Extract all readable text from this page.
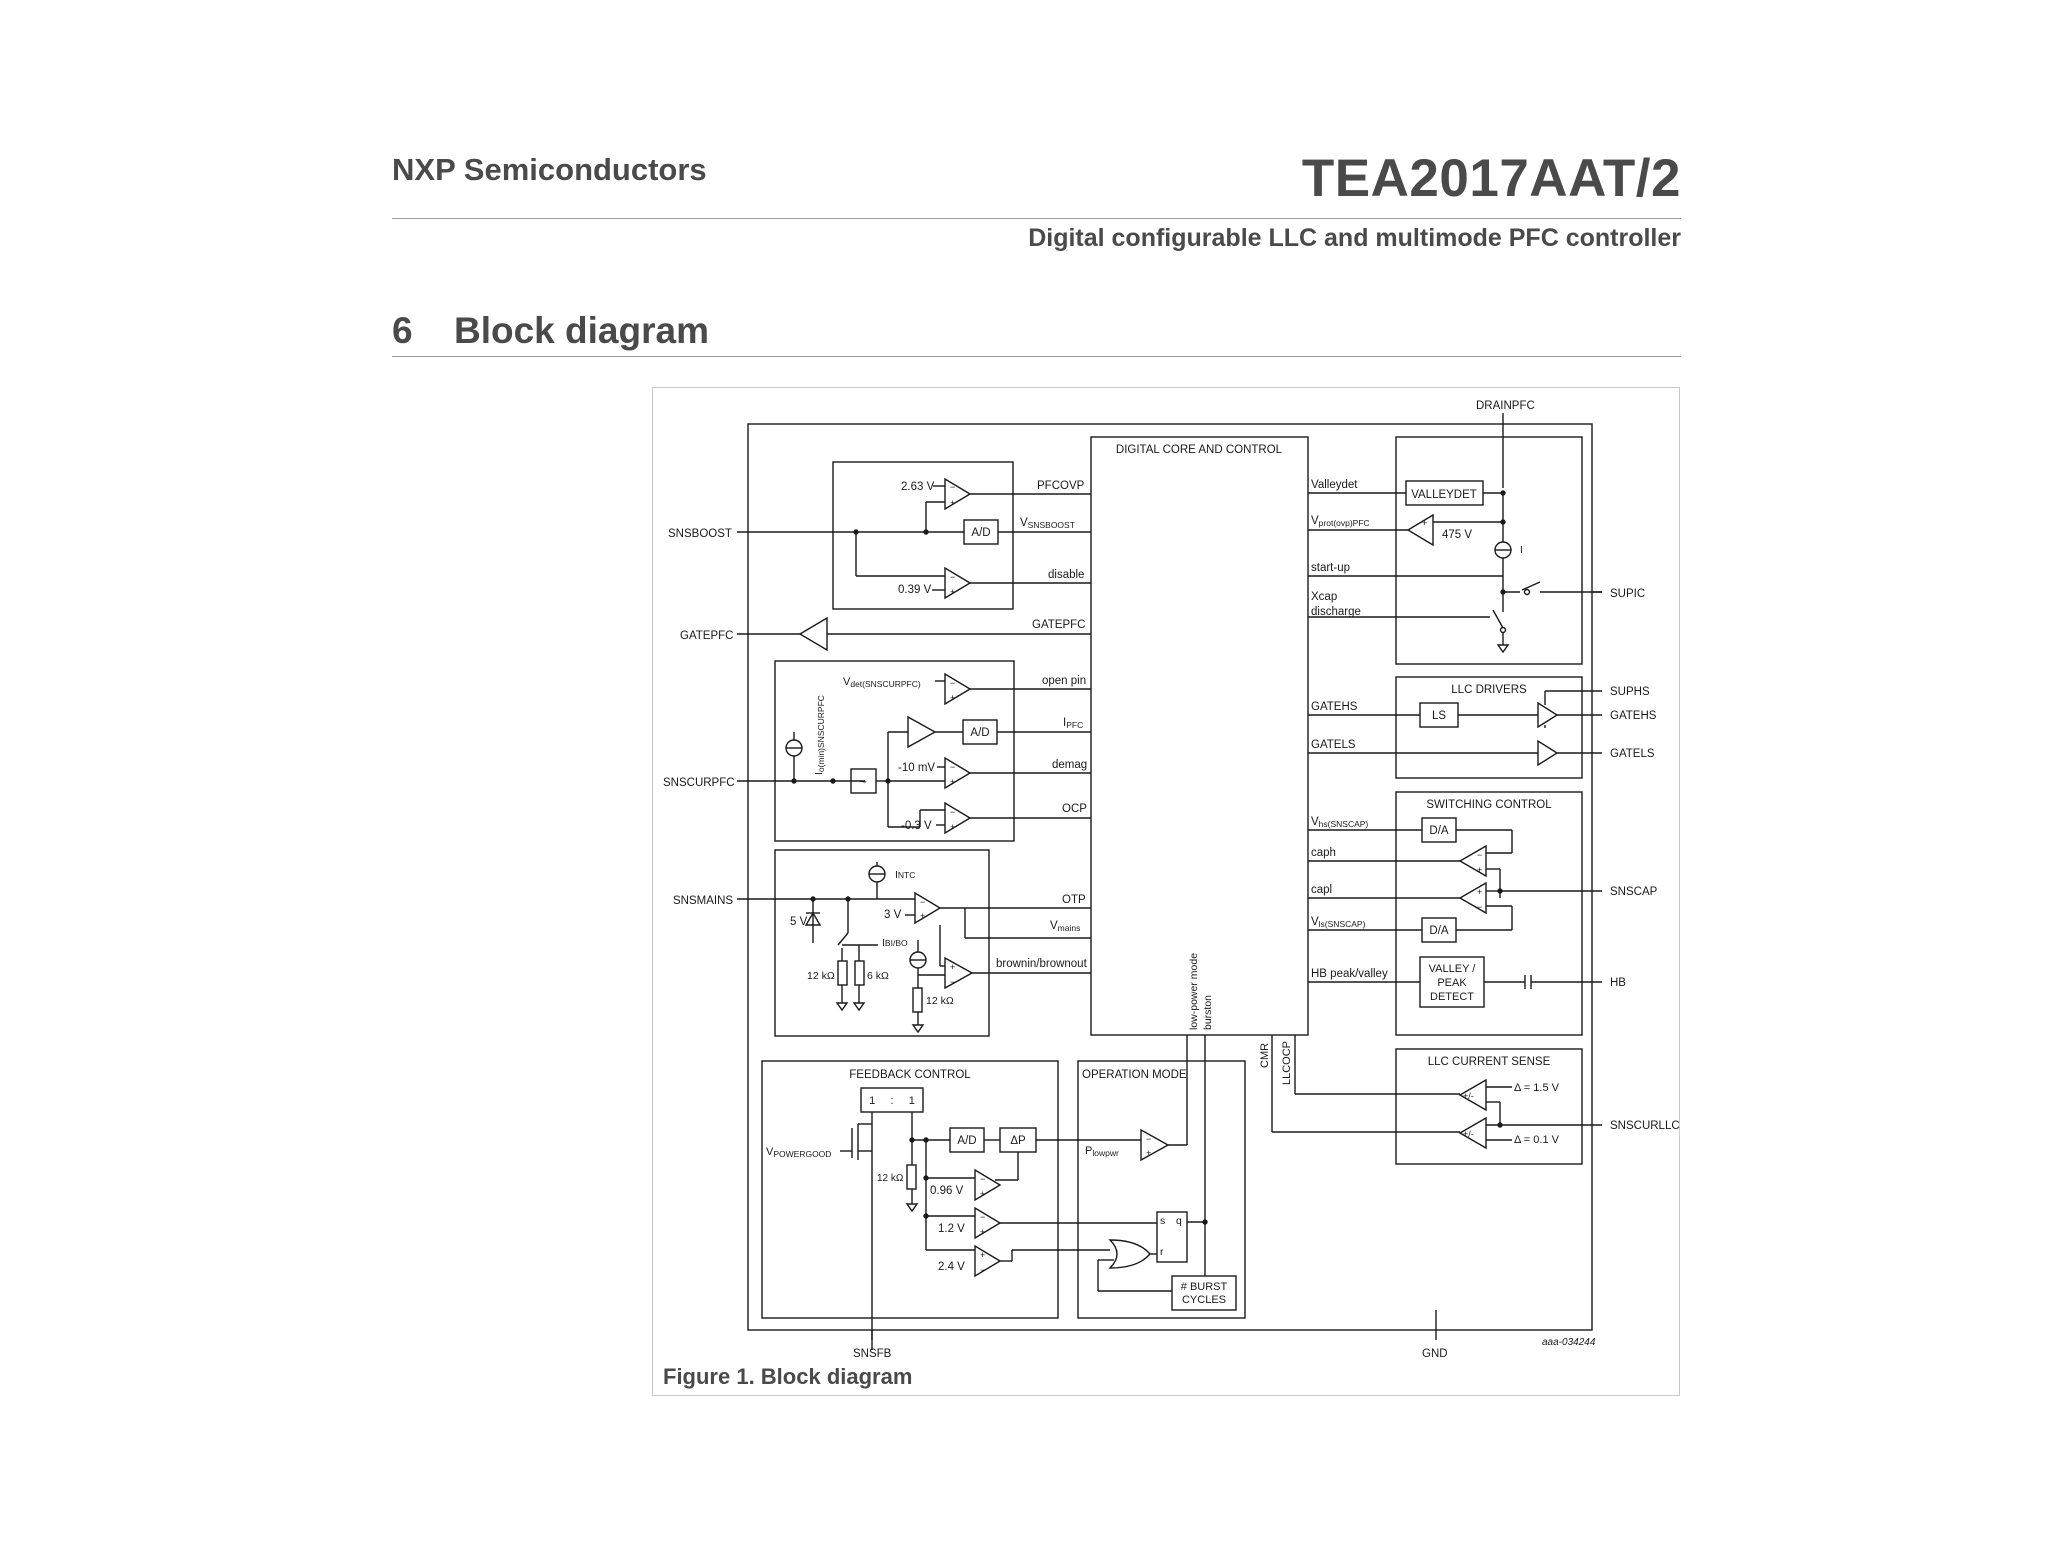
NXP Semiconductors	TEA2017AAT/2
Digital configurable LLC and multimode PFC controller
6 Block diagram
Figure 1. Block diagram
DIGITAL CORE AND CONTROL
−
+
2.63 V	PFCOVP
A/D
VSNSBOOST
−
+
0.39 V
disable
SNSBOOST
GATEPFC
GATEPFC
−
+
Vdet(SNSCURPFC)	open pin
A/D
IPFC
−
+
-10 mV	demag
−
+
-0.3 V
OCP
~
Io(min)SNSCURPFC
SNSCURPFC
SNSMAINS
INTC
−
+
3 V
OTP
Vmains
5 V
12 kΩ	6 kΩ
IBI/BO
+
−
brownin/brownout
12 kΩ	low-power mode burston
CMR LLCOCP
FEEDBACK CONTROL
1     :     1
VPOWERGOOD
12 kΩ
A/D	ΔP
−
+
0.96 V
−
+
1.2 V
+
−
2.4 V
OPERATION MODE
−
+
Plowpwr
s q
r
# BURST
CYCLES
SNSFB	GND
aaa-034244
DRAINPFC
VALLEYDET
Valleydet
+
475 V
Vprot(ovp)PFC
I
start-up
SUPIC
Xcap
discharge
LLC DRIVERS
LS
GATEHS
SUPHS
GATEHS
GATELS
GATELS
SWITCHING CONTROL
D/A
Vhs(SNSCAP)
−
+
caph
+
−
capl	SNSCAP
D/A
Vls(SNSCAP)
VALLEY /
PEAK
DETECT
HB peak/valley
HB
LLC CURRENT SENSE
+/-
Δ = 1.5 V
+/-	Δ = 0.1 V
SNSCURLLC
